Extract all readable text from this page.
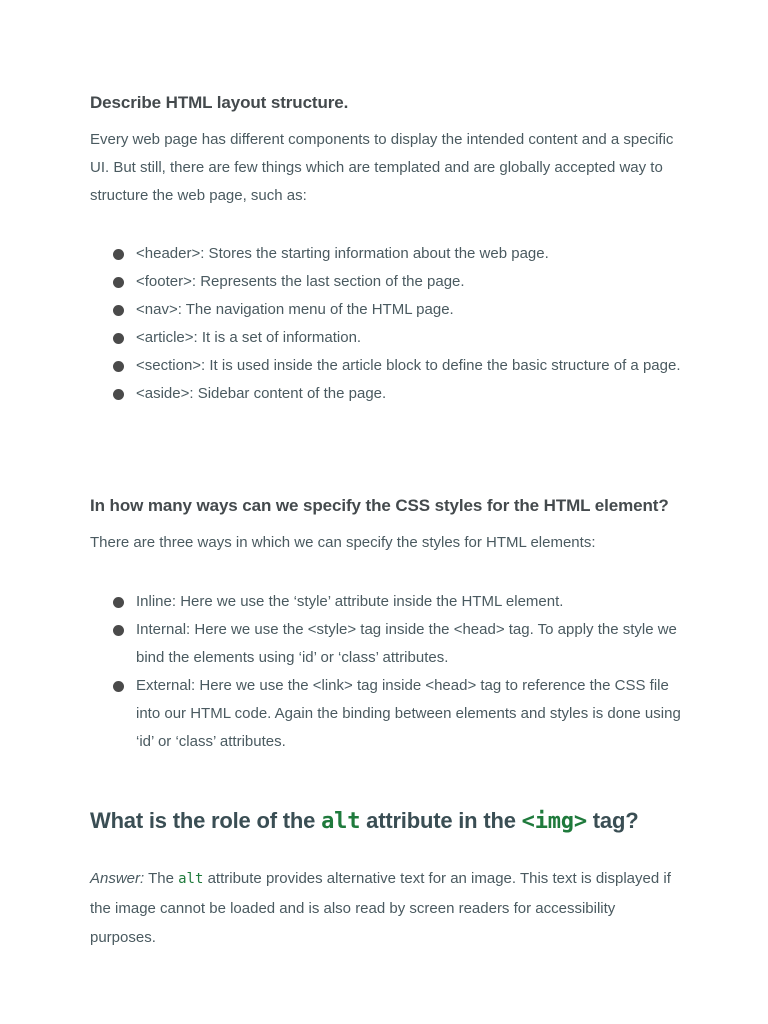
Describe HTML layout structure.

Every web page has different components to display the intended content and a specific UI. But still, there are few things which are templated and are globally accepted way to structure the web page, such as:

<header>: Stores the starting information about the web page.
<footer>: Represents the last section of the page.
<nav>: The navigation menu of the HTML page.
<article>: It is a set of information.
<section>: It is used inside the article block to define the basic structure of a page.
<aside>: Sidebar content of the page.
In how many ways can we specify the CSS styles for the HTML element?

There are three ways in which we can specify the styles for HTML elements:

Inline: Here we use the ‘style’ attribute inside the HTML element.
Internal: Here we use the <style> tag inside the <head> tag. To apply the style we bind the elements using ‘id’ or ‘class’ attributes.
External: Here we use the <link> tag inside <head> tag to reference the CSS file into our HTML code. Again the binding between elements and styles is done using ‘id’ or ‘class’ attributes.
What is the role of the alt attribute in the <img> tag?

Answer: The alt attribute provides alternative text for an image. This text is displayed if the image cannot be loaded and is also read by screen readers for accessibility purposes.
